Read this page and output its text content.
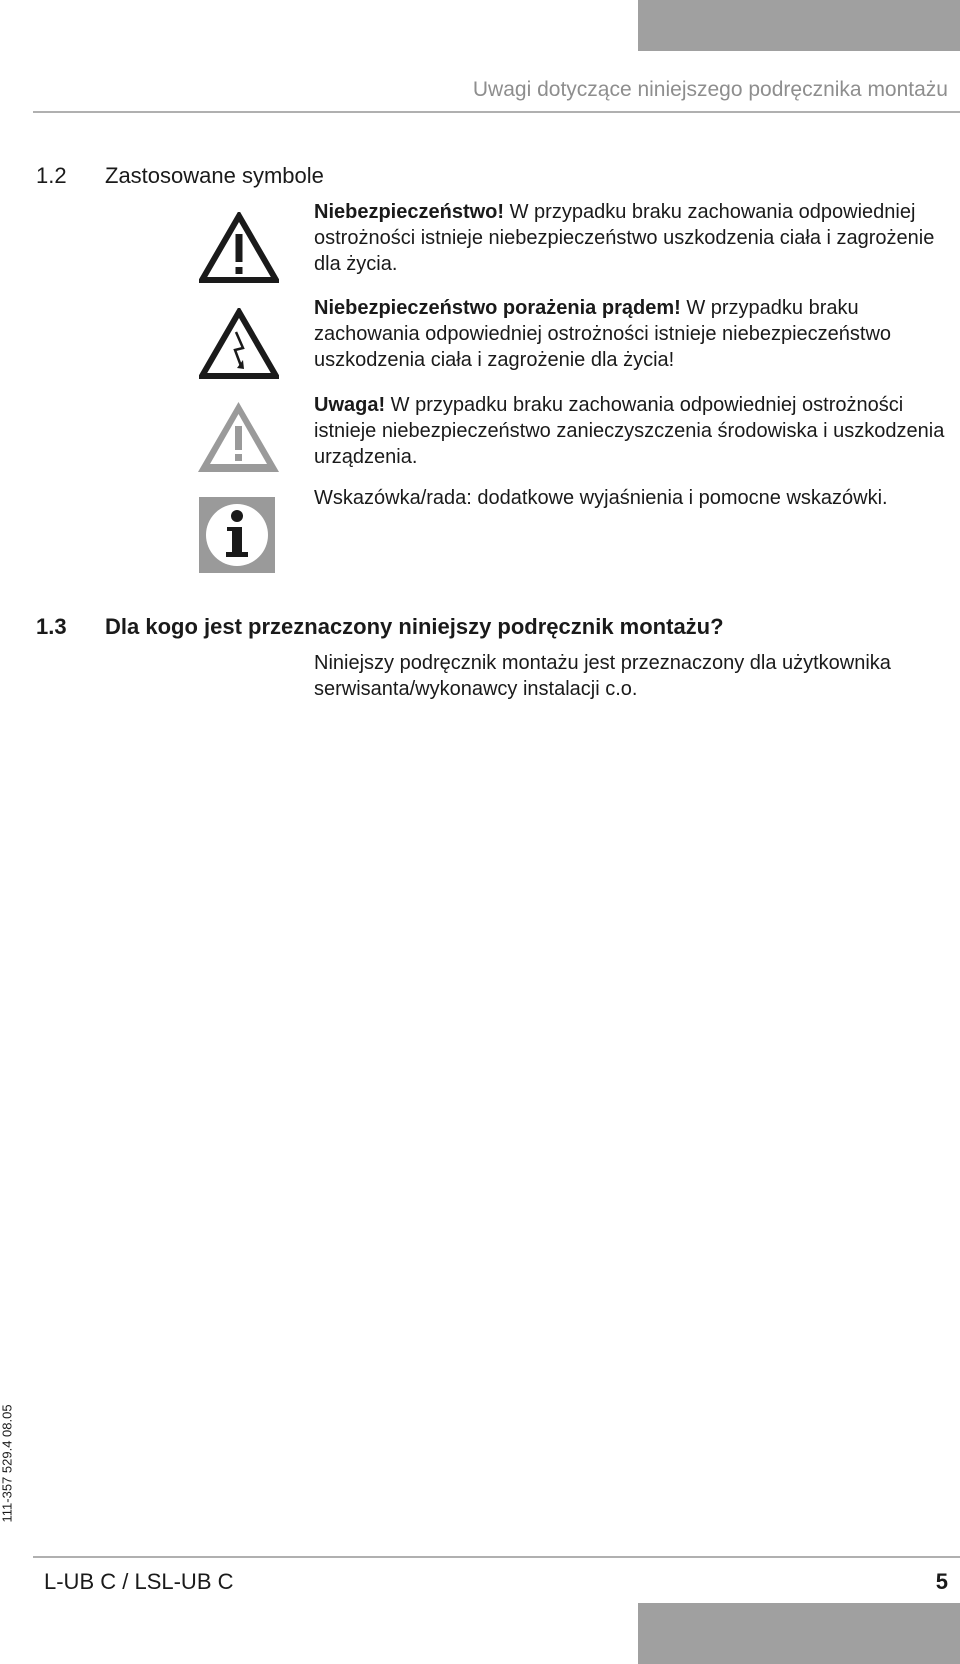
Uwagi dotyczące niniejszego podręcznika montażu
1.2 Zastosowane symbole
Niebezpieczeństwo! W przypadku braku zachowania odpowiedniej ostrożności istnieje niebezpieczeństwo uszkodzenia ciała i zagrożenie dla życia.
Niebezpieczeństwo porażenia prądem! W przypadku braku zachowania odpowiedniej ostrożności istnieje niebezpieczeństwo uszkodzenia ciała i zagrożenie dla życia!
Uwaga! W przypadku braku zachowania odpowiedniej ostrożności istnieje niebezpieczeństwo zanieczyszczenia środowiska i uszkodzenia urządzenia.
Wskazówka/rada: dodatkowe wyjaśnienia i pomocne wskazówki.
1.3 Dla kogo jest przeznaczony niniejszy podręcznik montażu?
Niniejszy podręcznik montażu jest przeznaczony dla użytkownika serwisanta/wykonawcy instalacji c.o.
111-357 529.4 08.05
L-UB C / LSL-UB C	5
